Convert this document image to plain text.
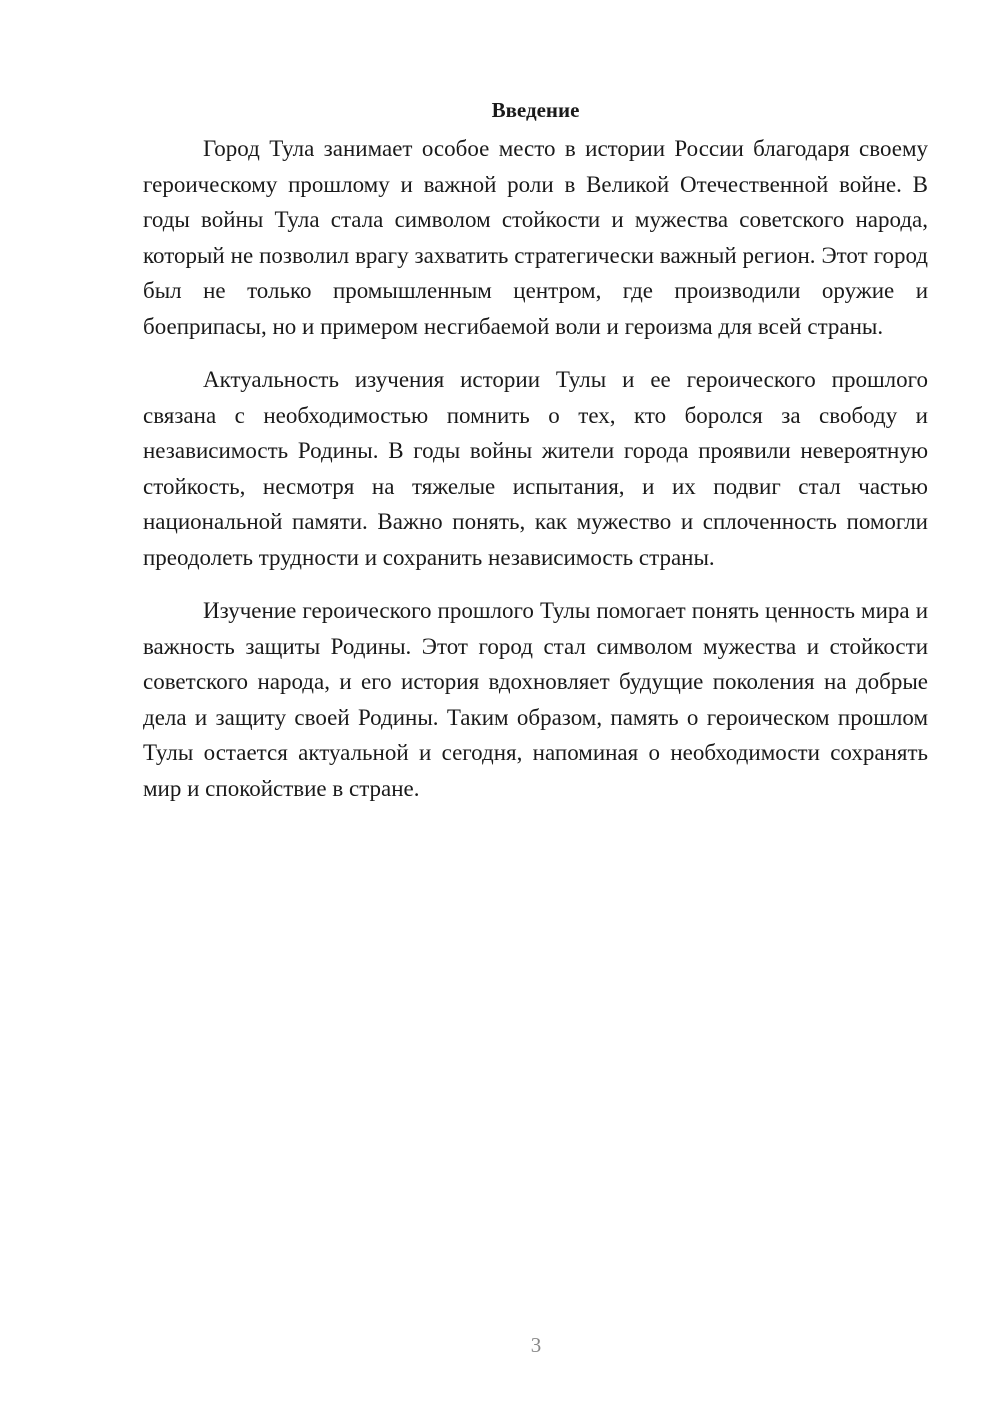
Введение

Город Тула занимает особое место в истории России благодаря своему героическому прошлому и важной роли в Великой Отечественной войне. В годы войны Тула стала символом стойкости и мужества советского народа, который не позволил врагу захватить стратегически важный регион. Этот город был не только промышленным центром, где производили оружие и боеприпасы, но и примером несгибаемой воли и героизма для всей страны.

Актуальность изучения истории Тулы и ее героического прошлого связана с необходимостью помнить о тех, кто боролся за свободу и независимость Родины. В годы войны жители города проявили невероятную стойкость, несмотря на тяжелые испытания, и их подвиг стал частью национальной памяти. Важно понять, как мужество и сплоченность помогли преодолеть трудности и сохранить независимость страны.

Изучение героического прошлого Тулы помогает понять ценность мира и важность защиты Родины. Этот город стал символом мужества и стойкости советского народа, и его история вдохновляет будущие поколения на добрые дела и защиту своей Родины. Таким образом, память о героическом прошлом Тулы остается актуальной и сегодня, напоминая о необходимости сохранять мир и спокойствие в стране.

3
